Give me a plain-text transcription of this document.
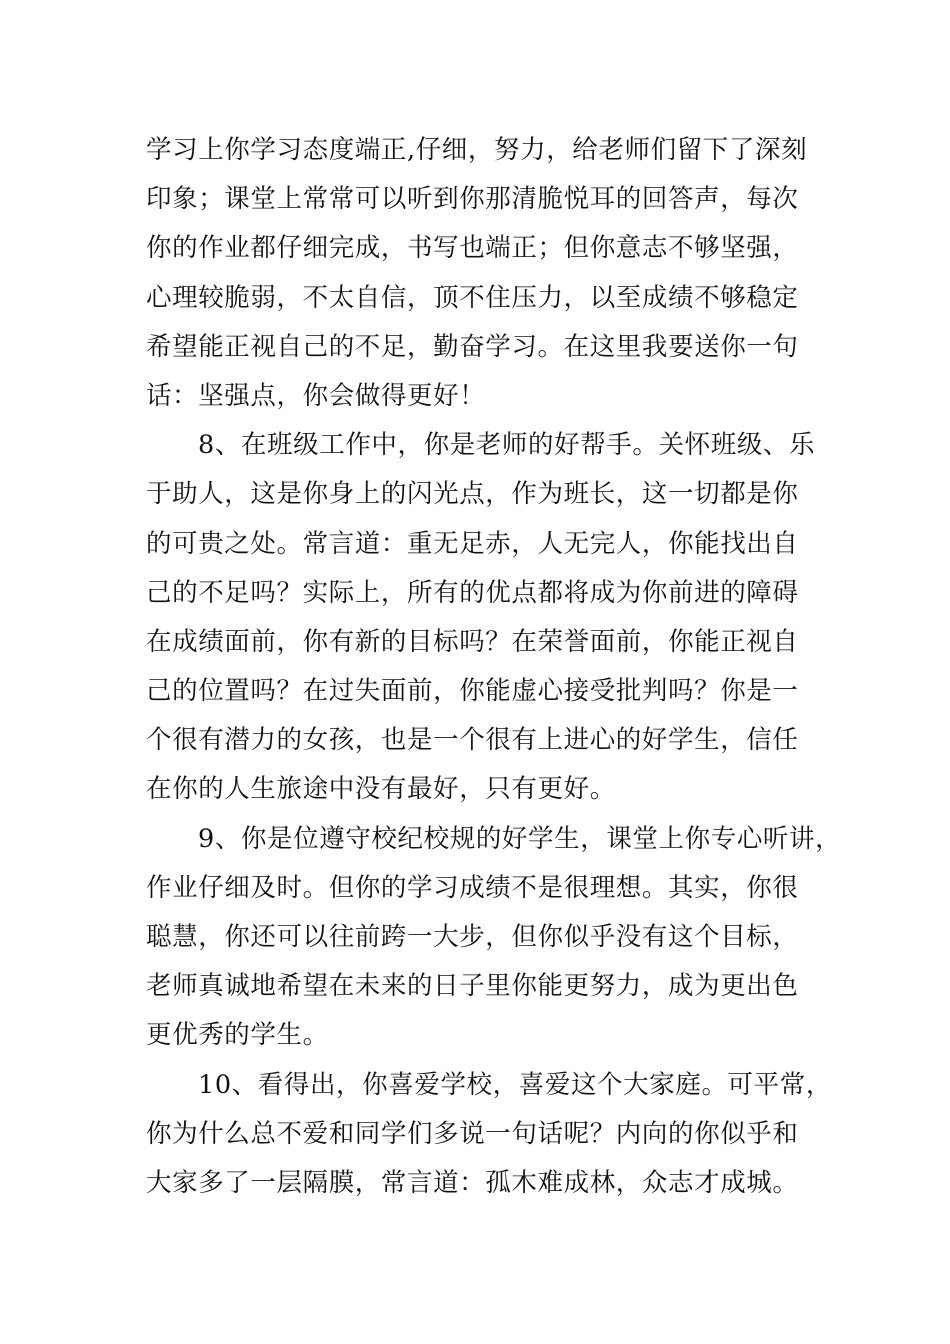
学习上你学习态度端正,仔细，努力，给老师们留下了深刻
印象；课堂上常常可以听到你那清脆悦耳的回答声，每次
你的作业都仔细完成，书写也端正；但你意志不够坚强，
心理较脆弱，不太自信，顶不住压力，以至成绩不够稳定
希望能正视自己的不足，勤奋学习。在这里我要送你一句
话：坚强点，你会做得更好！
8、在班级工作中，你是老师的好帮手。关怀班级、乐
于助人，这是你身上的闪光点，作为班长，这一切都是你
的可贵之处。常言道：重无足赤，人无完人，你能找出自
己的不足吗？实际上，所有的优点都将成为你前进的障碍
在成绩面前，你有新的目标吗？在荣誉面前，你能正视自
己的位置吗？在过失面前，你能虚心接受批判吗？你是一
个很有潜力的女孩，也是一个很有上进心的好学生，信任
在你的人生旅途中没有最好，只有更好。
9、你是位遵守校纪校规的好学生，课堂上你专心听讲，
作业仔细及时。但你的学习成绩不是很理想。其实，你很
聪慧，你还可以往前跨一大步，但你似乎没有这个目标，
老师真诚地希望在未来的日子里你能更努力，成为更出色
更优秀的学生。
10、看得出，你喜爱学校，喜爱这个大家庭。可平常，
你为什么总不爱和同学们多说一句话呢？内向的你似乎和
大家多了一层隔膜，常言道：孤木难成林，众志才成城。
